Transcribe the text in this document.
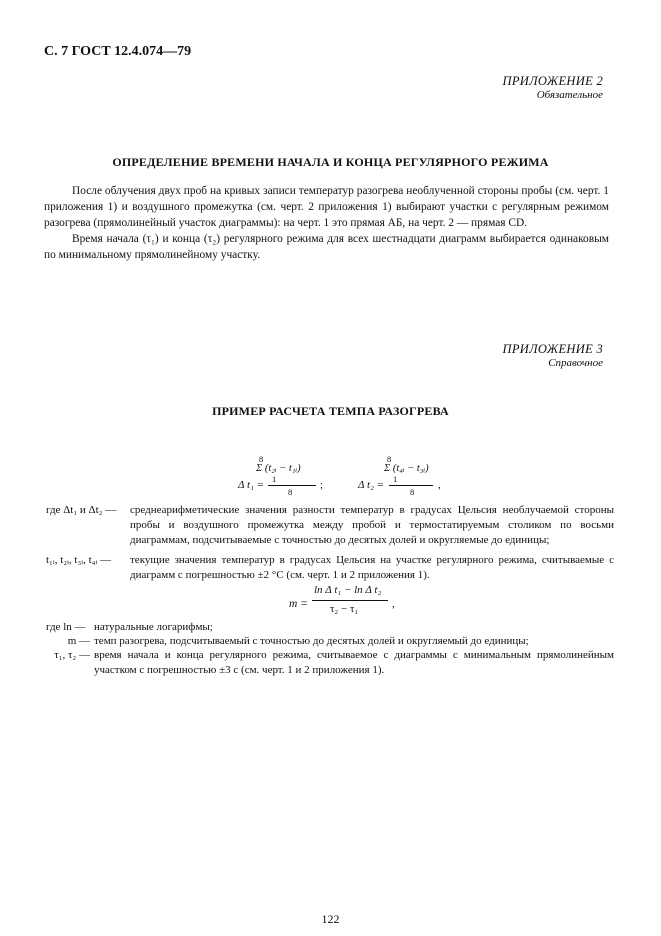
С. 7 ГОСТ 12.4.074—79
ПРИЛОЖЕНИЕ 2
Обязательное
ОПРЕДЕЛЕНИЕ ВРЕМЕНИ НАЧАЛА И КОНЦА РЕГУЛЯРНОГО РЕЖИМА
После облучения двух проб на кривых записи температур разогрева необлученной стороны пробы (см. черт. 1 приложения 1) и воздушного промежутка (см. черт. 2 приложения 1) выбирают участки с регулярным режимом разогрева (прямолинейный участок диаграммы): на черт. 1 это прямая АБ, на черт. 2 — прямая CD.
Время начала (τ₁) и конца (τ₂) регулярного режима для всех шестнадцати диаграмм выбирается одинаковым по минимальному прямолинейному участку.
ПРИЛОЖЕНИЕ 3
Справочное
ПРИМЕР РАСЧЕТА ТЕМПА РАЗОГРЕВА
8
Σ (t₂ᵢ − t₁ᵢ)
Δ t₁ = 1
8
;
8
Σ (t₄ᵢ − t₃ᵢ)
Δ t₂ = 1
8
,
где Δt₁ и Δt₂ —	среднеарифметические значения разности температур в градусах Цельсия необлучаемой стороны пробы и воздушного промежутка между пробой и термостатируемым столиком по восьми диаграммам, подсчитываемые с точностью до десятых долей и округляемые до единицы;
t₁ᵢ, t₂ᵢ, t₃ᵢ, t₄ᵢ —	текущие значения температур в градусах Цельсия на участке регулярного режима, считываемые с диаграмм с погрешностью ±2 °С (см. черт. 1 и 2 приложения 1).
m =
ln Δ t₁ − ln Δ t₂
τ₂ − τ₁	,
где ln — натуральные логарифмы;
m — темп разогрева, подсчитываемый с точностью до десятых долей и округляемый до единицы;
τ₁, τ₂ — время начала и конца регулярного режима, считываемое с диаграммы с минимальным прямолинейным участком с погрешностью ±3 с (см. черт. 1 и 2 приложения 1).
122
